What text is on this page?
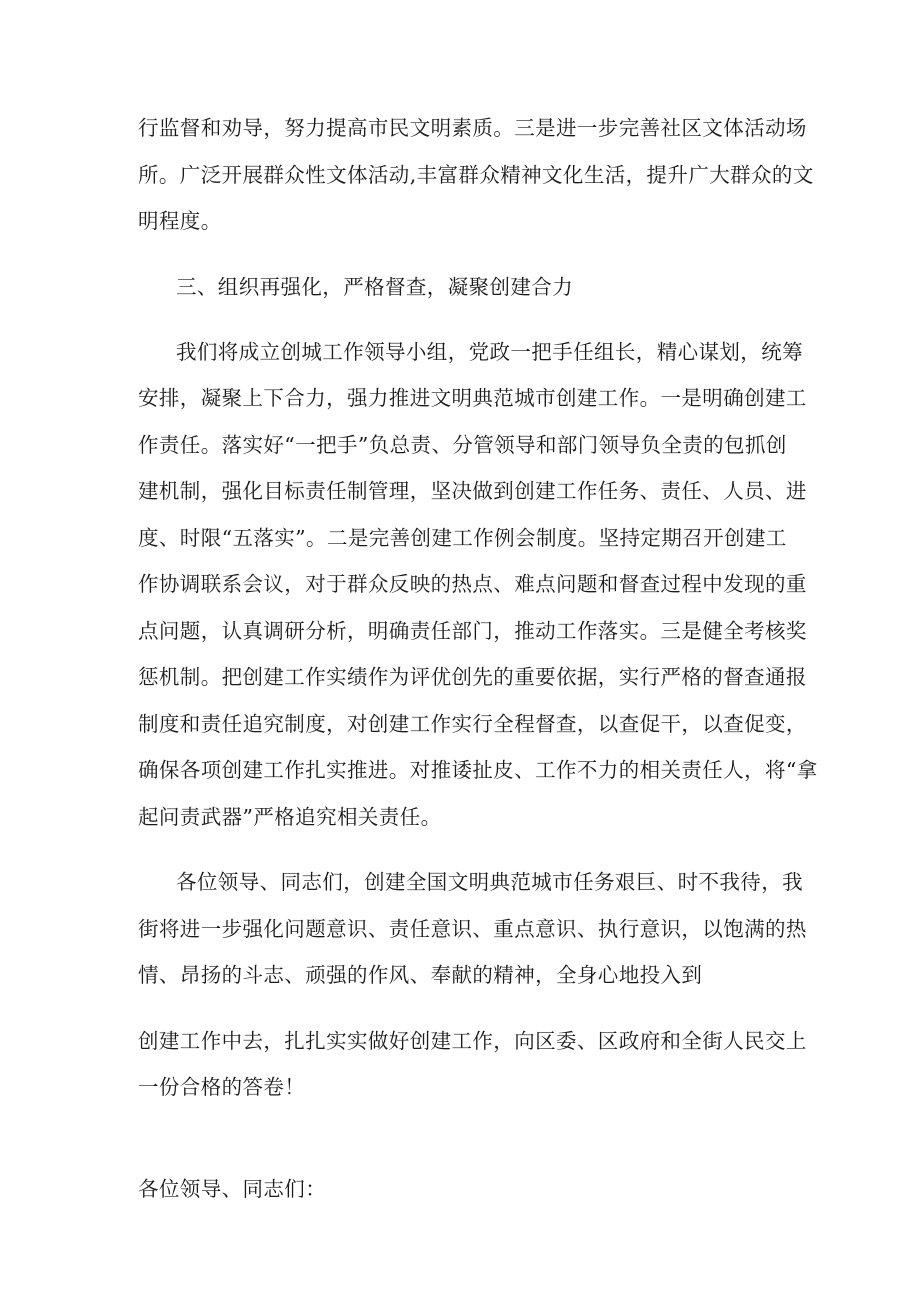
行监督和劝导，努力提高市民文明素质。三是进一步完善社区文体活动场

所。广泛开展群众性文体活动,丰富群众精神文化生活，提升广大群众的文

明程度。

三、组织再强化，严格督查，凝聚创建合力

我们将成立创城工作领导小组，党政一把手任组长，精心谋划，统筹

安排，凝聚上下合力，强力推进文明典范城市创建工作。一是明确创建工

作责任。落实好“一把手”负总责、分管领导和部门领导负全责的包抓创

建机制，强化目标责任制管理，坚决做到创建工作任务、责任、人员、进

度、时限“五落实”。二是完善创建工作例会制度。坚持定期召开创建工

作协调联系会议，对于群众反映的热点、难点问题和督查过程中发现的重

点问题，认真调研分析，明确责任部门，推动工作落实。三是健全考核奖

惩机制。把创建工作实绩作为评优创先的重要依据，实行严格的督查通报

制度和责任追究制度，对创建工作实行全程督查，以查促干，以查促变，

确保各项创建工作扎实推进。对推诿扯皮、工作不力的相关责任人，将“拿

起问责武器”严格追究相关责任。

各位领导、同志们，创建全国文明典范城市任务艰巨、时不我待，我

街将进一步强化问题意识、责任意识、重点意识、执行意识，以饱满的热

情、昂扬的斗志、顽强的作风、奉献的精神，全身心地投入到

创建工作中去，扎扎实实做好创建工作，向区委、区政府和全街人民交上

一份合格的答卷！

各位领导、同志们：
